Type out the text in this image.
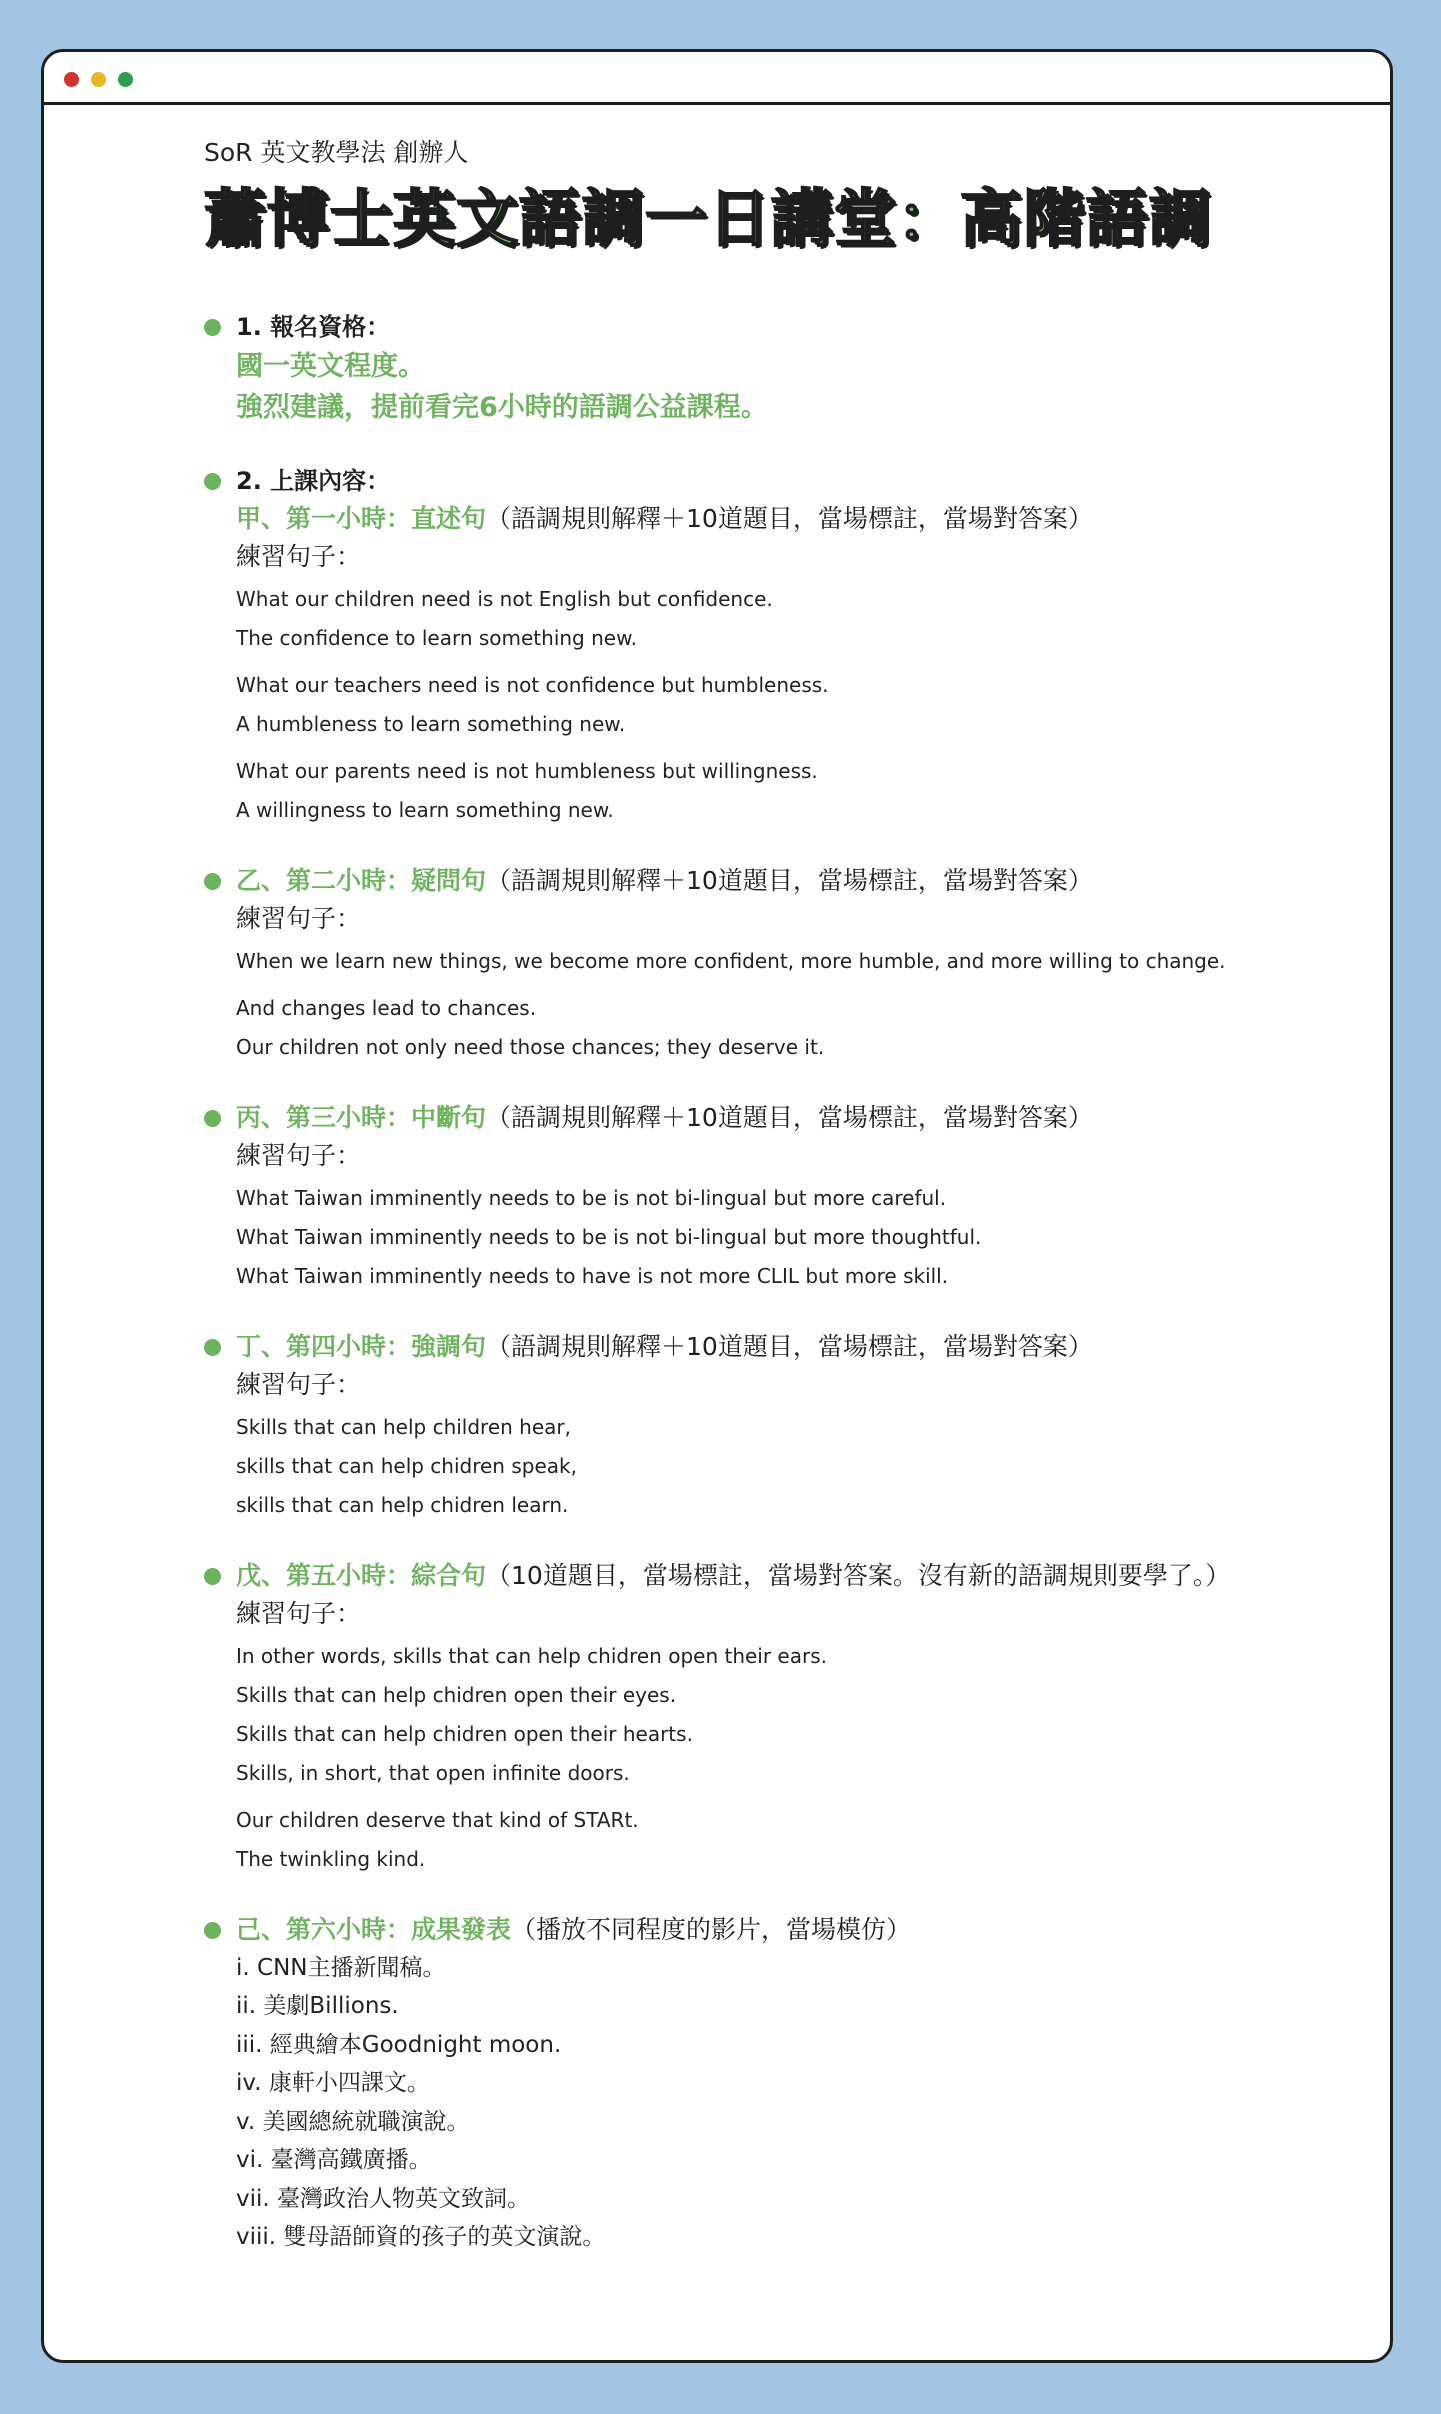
SoR 英文教學法 創辦人

蕭博士英文語調一日講堂：高階語調
1. 報名資格：
國一英文程度。
強烈建議，提前看完6小時的語調公益課程。
2. 上課內容：
甲、第一小時：直述句（語調規則解釋＋10道題目，當場標註，當場對答案）
練習句子：
What our children need is not English but confidence.
The confidence to learn something new.
What our teachers need is not confidence but humbleness.
A humbleness to learn something new.
What our parents need is not humbleness but willingness.
A willingness to learn something new.
乙、第二小時：疑問句（語調規則解釋＋10道題目，當場標註，當場對答案）
練習句子：
When we learn new things, we become more confident, more humble, and more willing to change.
And changes lead to chances.
Our children not only need those chances; they deserve it.
丙、第三小時：中斷句（語調規則解釋＋10道題目，當場標註，當場對答案）
練習句子：
What Taiwan imminently needs to be is not bi-lingual but more careful.
What Taiwan imminently needs to be is not bi-lingual but more thoughtful.
What Taiwan imminently needs to have is not more CLIL but more skill.
丁、第四小時：強調句（語調規則解釋＋10道題目，當場標註，當場對答案）
練習句子：
Skills that can help children hear,
skills that can help chidren speak,
skills that can help chidren learn.
戊、第五小時：綜合句（10道題目，當場標註，當場對答案。沒有新的語調規則要學了。）
練習句子：
In other words, skills that can help chidren open their ears.
Skills that can help chidren open their eyes.
Skills that can help chidren open their hearts.
Skills, in short, that open infinite doors.
Our children deserve that kind of STARt.
The twinkling kind.
己、第六小時：成果發表（播放不同程度的影片，當場模仿）
i. CNN主播新聞稿。
ii. 美劇Billions.
iii. 經典繪本Goodnight moon.
iv. 康軒小四課文。
v. 美國總統就職演說。
vi. 臺灣高鐵廣播。
vii. 臺灣政治人物英文致詞。
viii. 雙母語師資的孩子的英文演說。
